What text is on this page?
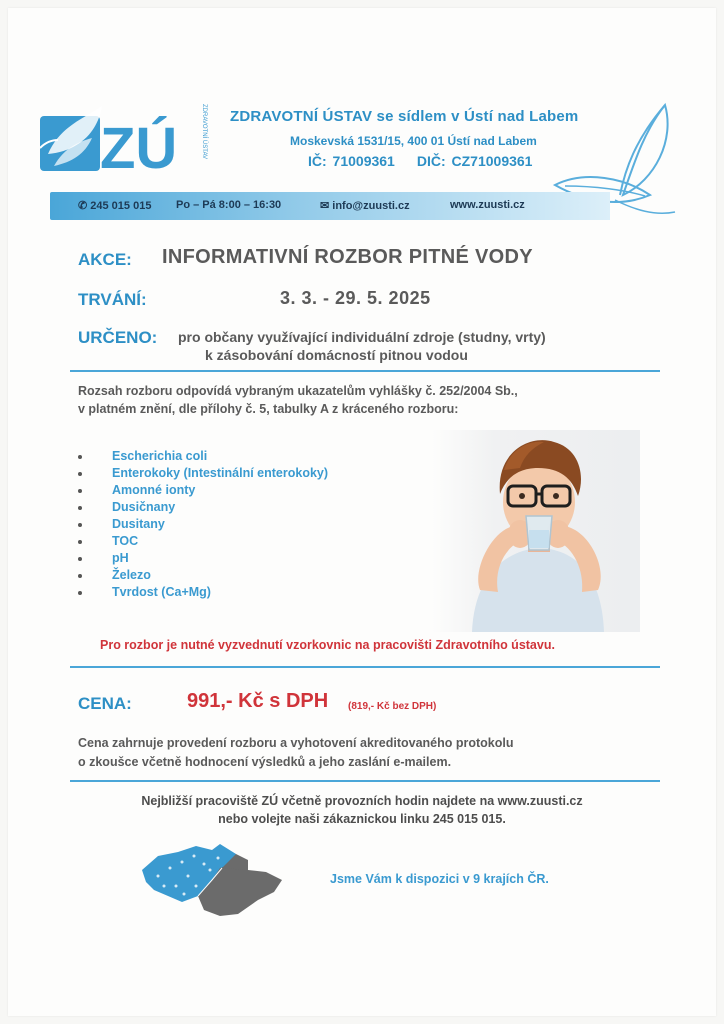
ZÚ	ZDRAVOTNÍ ÚSTAV ZDRAVOTNÍ ÚSTAV se sídlem v Ústí nad Labem
Moskevská 1531/15, 400 01 Ústí nad Labem
IČ: 71009361 DIČ: CZ71009361
✆ 245 015 015 Po – Pá 8:00 – 16:30	✉ info@zuusti.cz	www.zuusti.cz
AKCE: INFORMATIVNÍ ROZBOR PITNÉ VODY
TRVÁNÍ:	3. 3. - 29. 5. 2025
URČENO: pro občany využívající individuální zdroje (studny, vrty)
k zásobování domácností pitnou vodou
Rozsah rozboru odpovídá vybraným ukazatelům vyhlášky č. 252/2004 Sb.,
v platném znění, dle přílohy č. 5, tabulky A z kráceného rozboru:
Escherichia coli
Enterokoky (Intestinální enterokoky)
Amonné ionty
Dusičnany
Dusitany
TOC
pH
Železo
Tvrdost (Ca+Mg)
Pro rozbor je nutné vyzvednutí vzorkovnic na pracovišti Zdravotního ústavu.
CENA:	991,- Kč s DPH (819,- Kč bez DPH)
Cena zahrnuje provedení rozboru a vyhotovení akreditovaného protokolu
o zkoušce včetně hodnocení výsledků a jeho zaslání e-mailem.
Nejbližší pracoviště ZÚ včetně provozních hodin najdete na www.zuusti.cz
nebo volejte naši zákaznickou linku 245 015 015.
Jsme Vám k dispozici v 9 krajích ČR.
